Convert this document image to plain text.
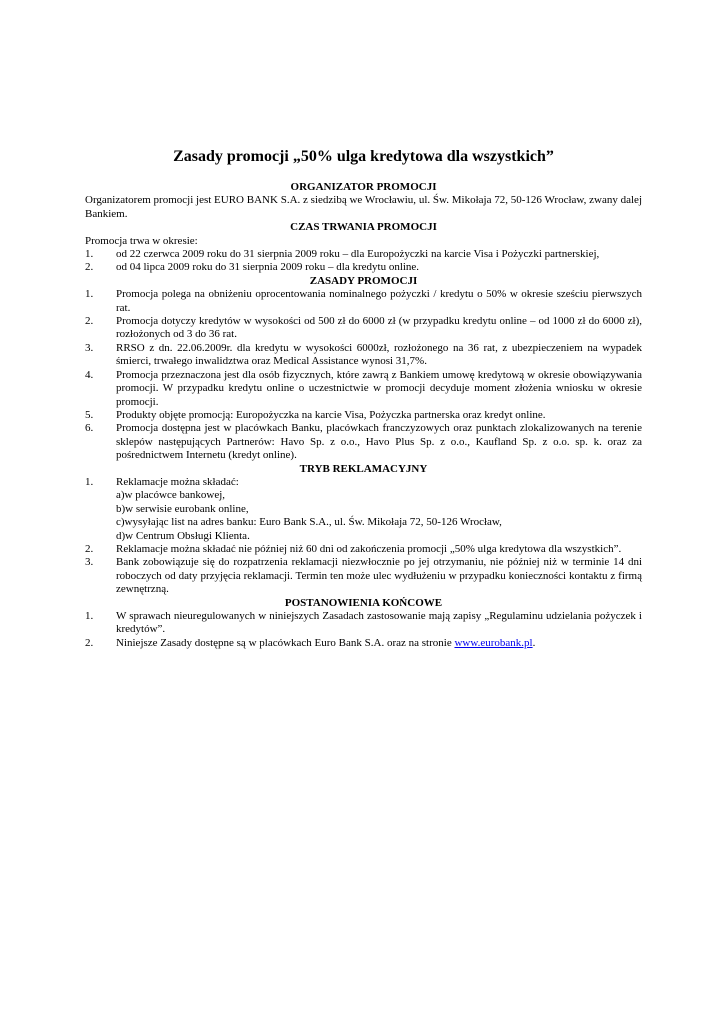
Zasady promocji „50% ulga kredytowa dla wszystkich”
ORGANIZATOR PROMOCJI

Organizatorem promocji jest EURO BANK S.A. z siedzibą we Wrocławiu, ul. Św. Mikołaja 72, 50-126 Wrocław, zwany dalej Bankiem.

CZAS TRWANIA PROMOCJI

Promocja trwa w okresie:

1. od 22 czerwca 2009 roku do 31 sierpnia 2009 roku – dla Europożyczki na karcie Visa i Pożyczki partnerskiej,
2. od 04 lipca 2009 roku do 31 sierpnia 2009 roku – dla kredytu online.
ZASADY PROMOCJI
1. Promocja polega na obniżeniu oprocentowania nominalnego pożyczki / kredytu o 50% w okresie sześciu pierwszych rat.
2. Promocja dotyczy kredytów w wysokości od 500 zł do 6000 zł (w przypadku kredytu online – od 1000 zł do 6000 zł), rozłożonych od 3 do 36 rat.
3. RRSO z dn. 22.06.2009r. dla kredytu w wysokości 6000zł, rozłożonego na 36 rat, z ubezpieczeniem na wypadek śmierci, trwałego inwalidztwa oraz Medical Assistance wynosi 31,7%.
4. Promocja przeznaczona jest dla osób fizycznych, które zawrą z Bankiem umowę kredytową w okresie obowiązywania promocji. W przypadku kredytu online o uczestnictwie w promocji decyduje moment złożenia wniosku w okresie promocji.
5. Produkty objęte promocją: Europożyczka na karcie Visa, Pożyczka partnerska oraz kredyt online.
6. Promocja dostępna jest w placówkach Banku, placówkach franczyzowych oraz punktach zlokalizowanych na terenie sklepów następujących Partnerów: Havo Sp. z o.o., Havo Plus Sp. z o.o., Kaufland Sp. z o.o. sp. k. oraz za pośrednictwem Internetu (kredyt online).
TRYB REKLAMACYJNY
1. Reklamacje można składać:
a)w placówce bankowej,
b)w serwisie eurobank online,
c)wysyłając list na adres banku: Euro Bank S.A., ul. Św. Mikołaja 72, 50-126 Wrocław,
d)w Centrum Obsługi Klienta.
2. Reklamacje można składać nie później niż 60 dni od zakończenia promocji „50% ulga kredytowa dla wszystkich”.
3. Bank zobowiązuje się do rozpatrzenia reklamacji niezwłocznie po jej otrzymaniu, nie później niż w terminie 14 dni roboczych od daty przyjęcia reklamacji. Termin ten może ulec wydłużeniu w przypadku konieczności kontaktu z firmą zewnętrzną.
POSTANOWIENIA KOŃCOWE
1. W sprawach nieuregulowanych w niniejszych Zasadach zastosowanie mają zapisy „Regulaminu udzielania pożyczek i kredytów”.
2. Niniejsze Zasady dostępne są w placówkach Euro Bank S.A. oraz na stronie www.eurobank.pl.
